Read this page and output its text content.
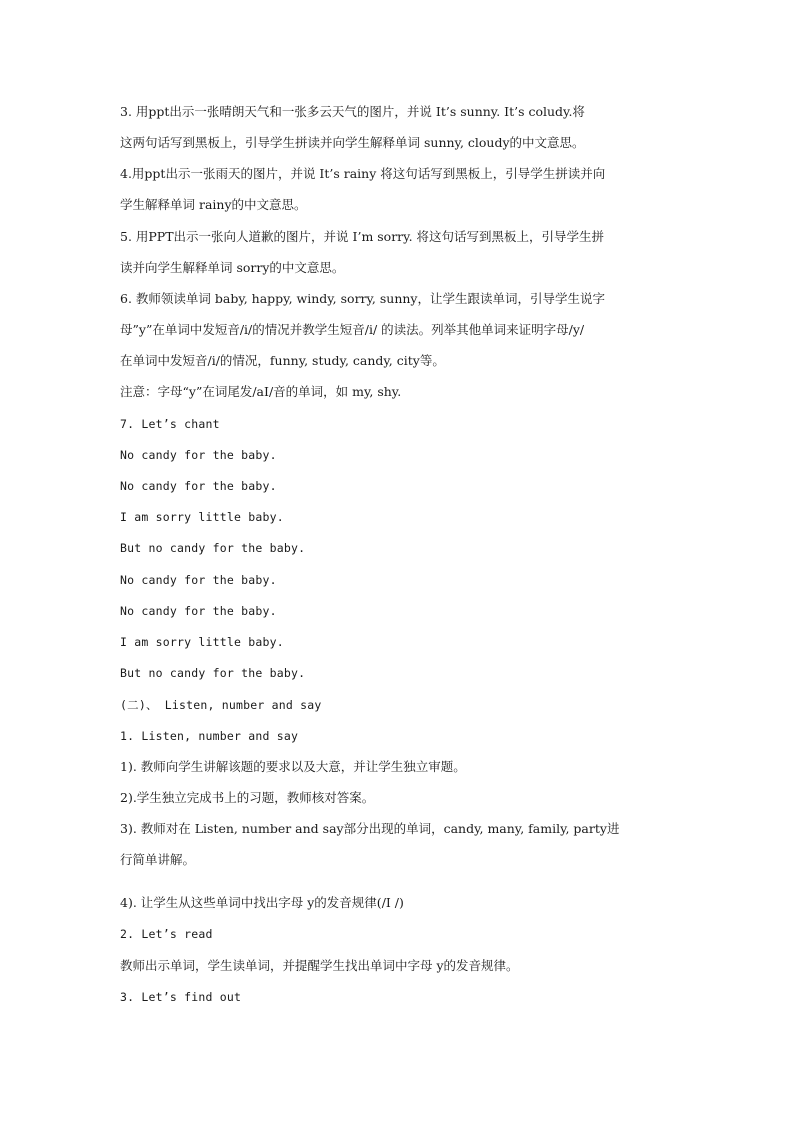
3. 用ppt出示一张晴朗天气和一张多云天气的图片，并说 It’s sunny. It’s coludy.将
这两句话写到黑板上，引导学生拼读并向学生解释单词 sunny, cloudy的中文意思。
4.用ppt出示一张雨天的图片，并说 It’s rainy 将这句话写到黑板上，引导学生拼读并向
学生解释单词 rainy的中文意思。
5. 用PPT出示一张向人道歉的图片，并说 I’m sorry. 将这句话写到黑板上，引导学生拼
读并向学生解释单词 sorry的中文意思。
6. 教师领读单词 baby, happy, windy, sorry, sunny，让学生跟读单词，引导学生说字
母”y”在单词中发短音/i/的情况并教学生短音/i/ 的读法。列举其他单词来证明字母/y/
在单词中发短音/i/的情况，funny, study, candy, city等。
注意：字母“y”在词尾发/aI/音的单词，如 my, shy.
7. Let’s chant
No candy for the baby.
No candy for the baby.
I am sorry little baby.
But no candy for the baby.
No candy for the baby.
No candy for the baby.
I am sorry little baby.
But no candy for the baby.
(二)、 Listen, number and say
1. Listen, number and say
1). 教师向学生讲解该题的要求以及大意，并让学生独立审题。
2).学生独立完成书上的习题，教师核对答案。
3). 教师对在 Listen, number and say部分出现的单词，candy, many, family, party进
行简单讲解。
4). 让学生从这些单词中找出字母 y的发音规律(/I /)
2. Let’s read
教师出示单词，学生读单词，并提醒学生找出单词中字母 y的发音规律。
3. Let’s find out
